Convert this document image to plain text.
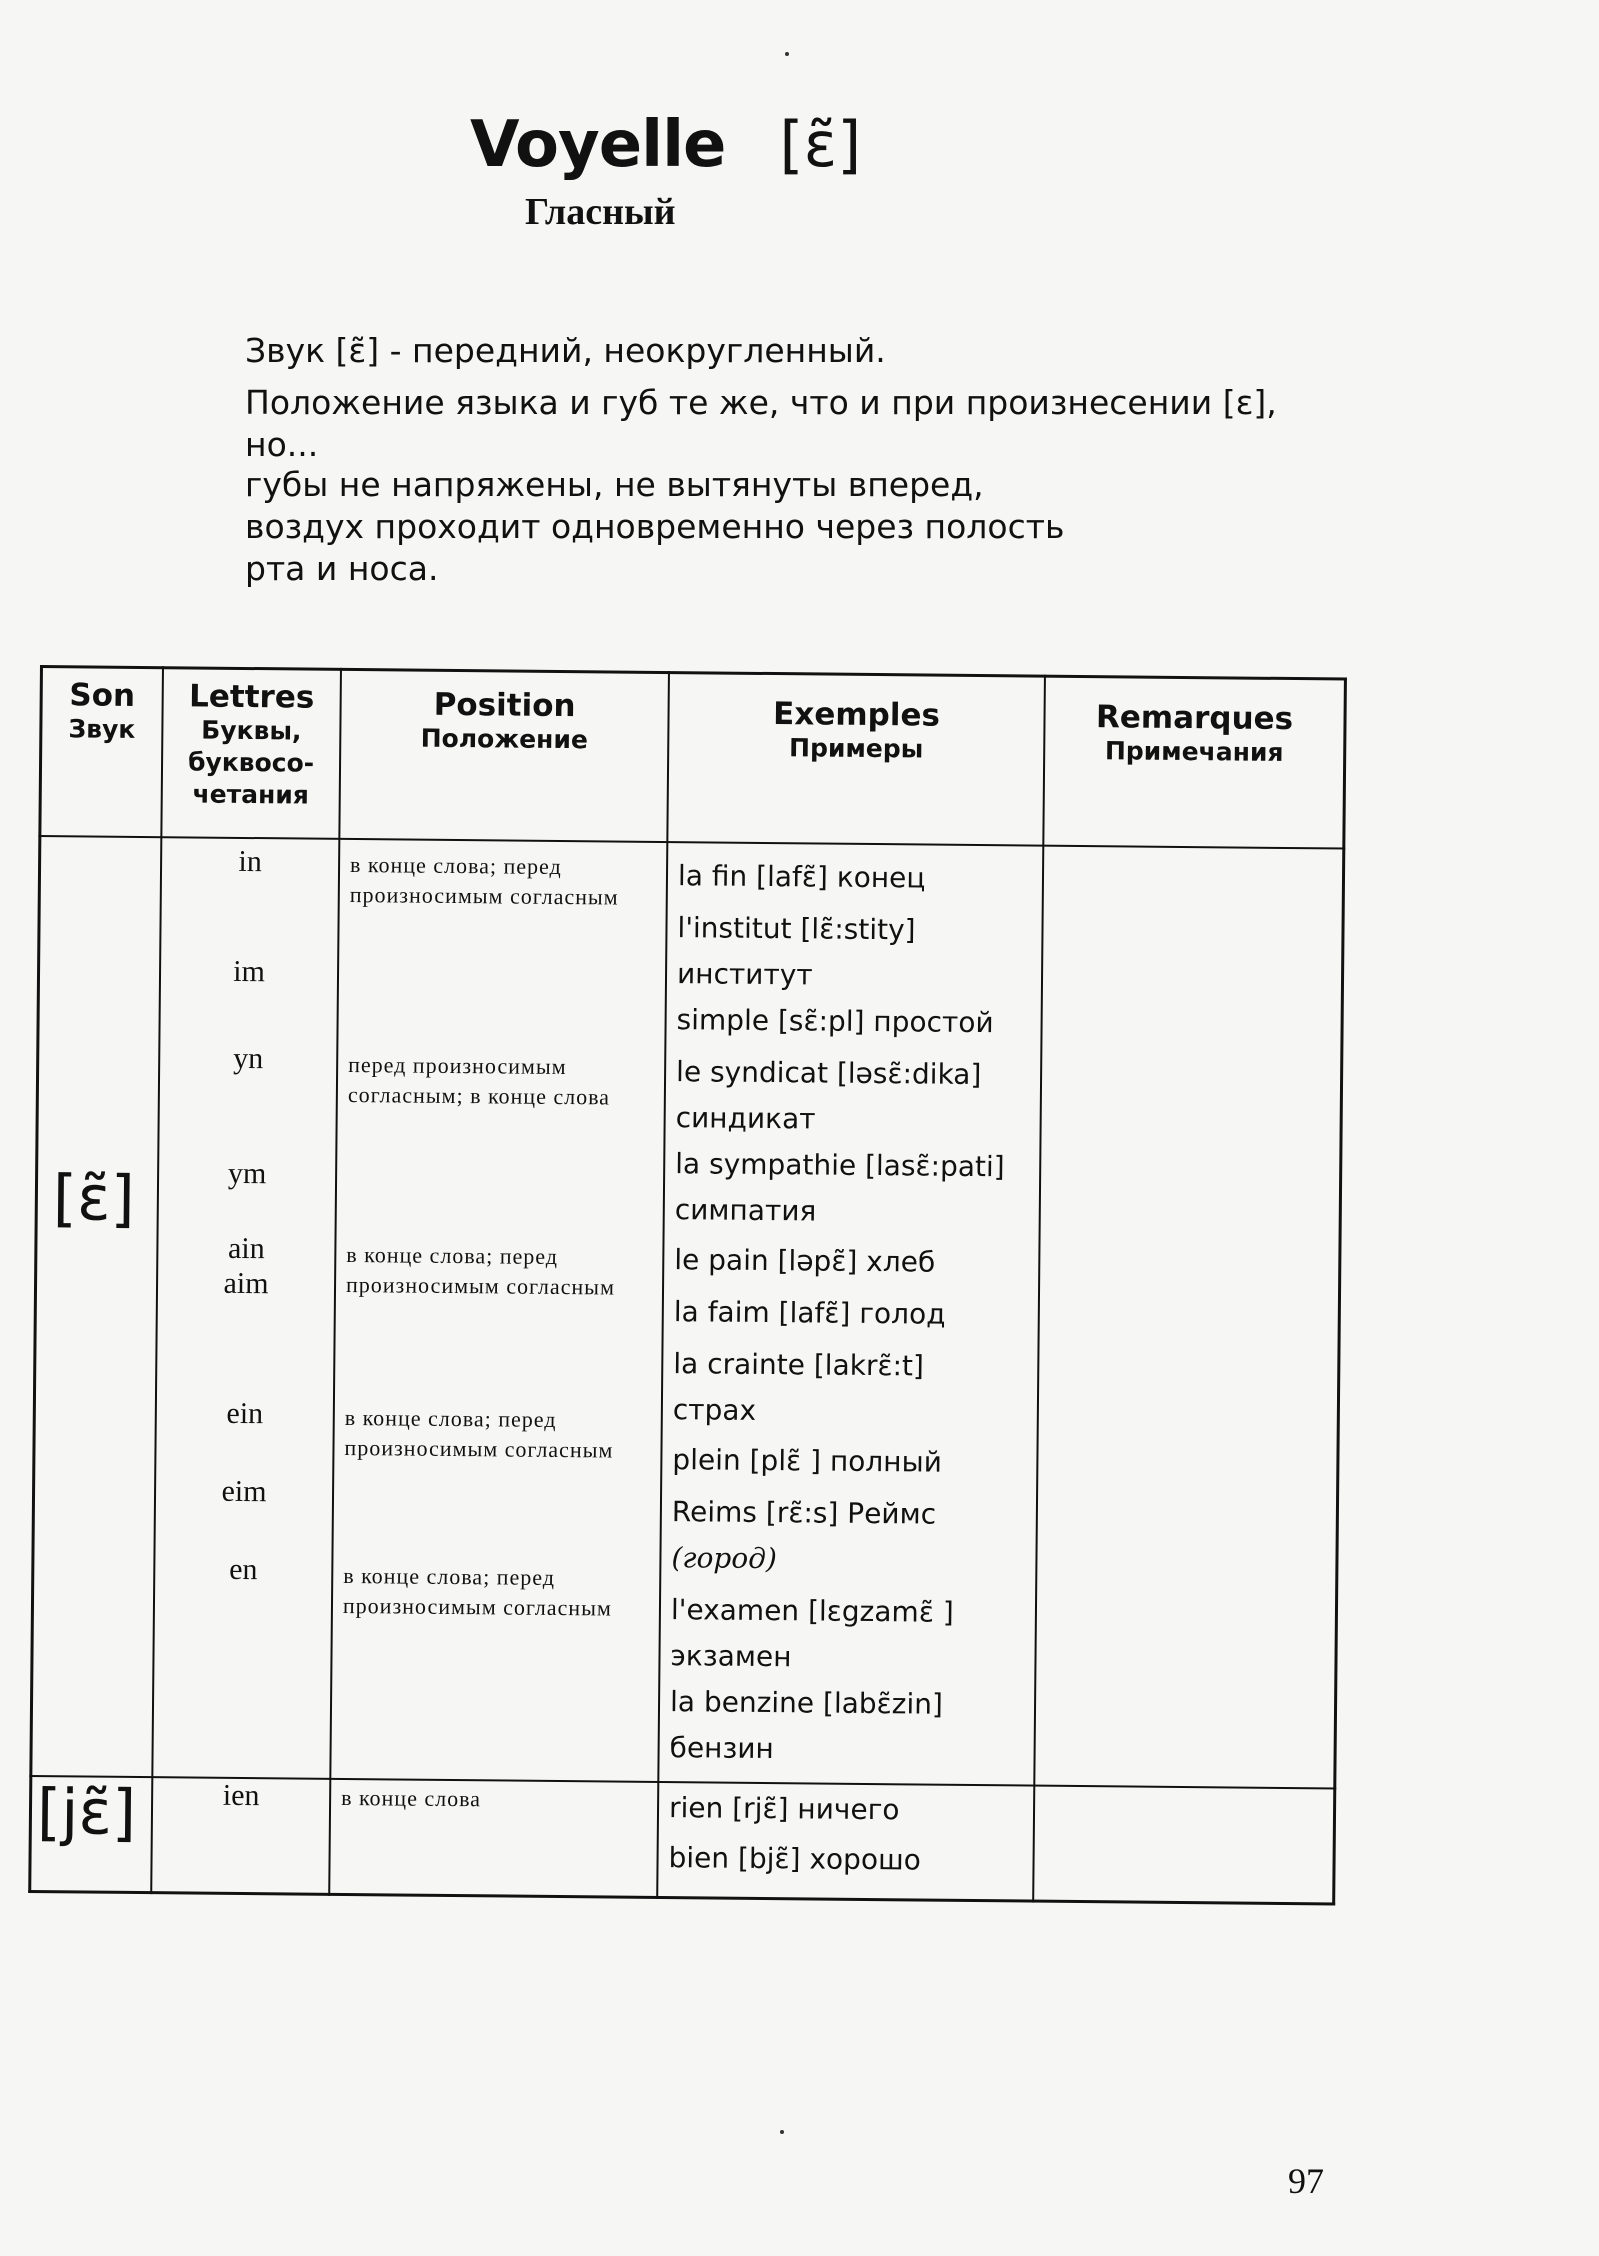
Voyelle [ɛ̃]
Гласный

Звук [ɛ̃] - передний, неокругленный.

Положение языка и губ те же, что и при произнесении [ɛ],

но...

губы не напряжены, не вытянуты вперед,

воздух проходит одновременно через полость

рта и носа.

Son
Звук
Lettres
Буквы, буквосо-четания
Position
Положение
Exemples
Примеры
Remarques
Примечания
[ɛ̃]
[jɛ̃]
in
im
yn
ym
ain
aim
ein
eim
en
ien
в конце слова; перед произносимым согласным
перед произносимым согласным; в конце слова
в конце слова; перед произносимым согласным
в конце слова; перед произносимым согласным
в конце слова; перед произносимым согласным
в конце слова
la fin [lafɛ̃] конец
l'institut [lɛ̃:stity]
институт
simple [sɛ̃:pl] простой
le syndicat [ləsɛ̃:dika]
синдикат
la sympathie [lasɛ̃:pati]
симпатия
le pain [ləpɛ̃] хлеб
la faim [lafɛ̃] голод
la crainte [lakrɛ̃:t]
страх
plein [plɛ̃ ] полный
Reims [rɛ̃:s] Реймс
(город)
l'examen [lɛgzamɛ̃ ]
экзамен
la benzine [labɛ̃zin]
бензин
rien [rjɛ̃] ничего
bien [bjɛ̃] хорошо
97
